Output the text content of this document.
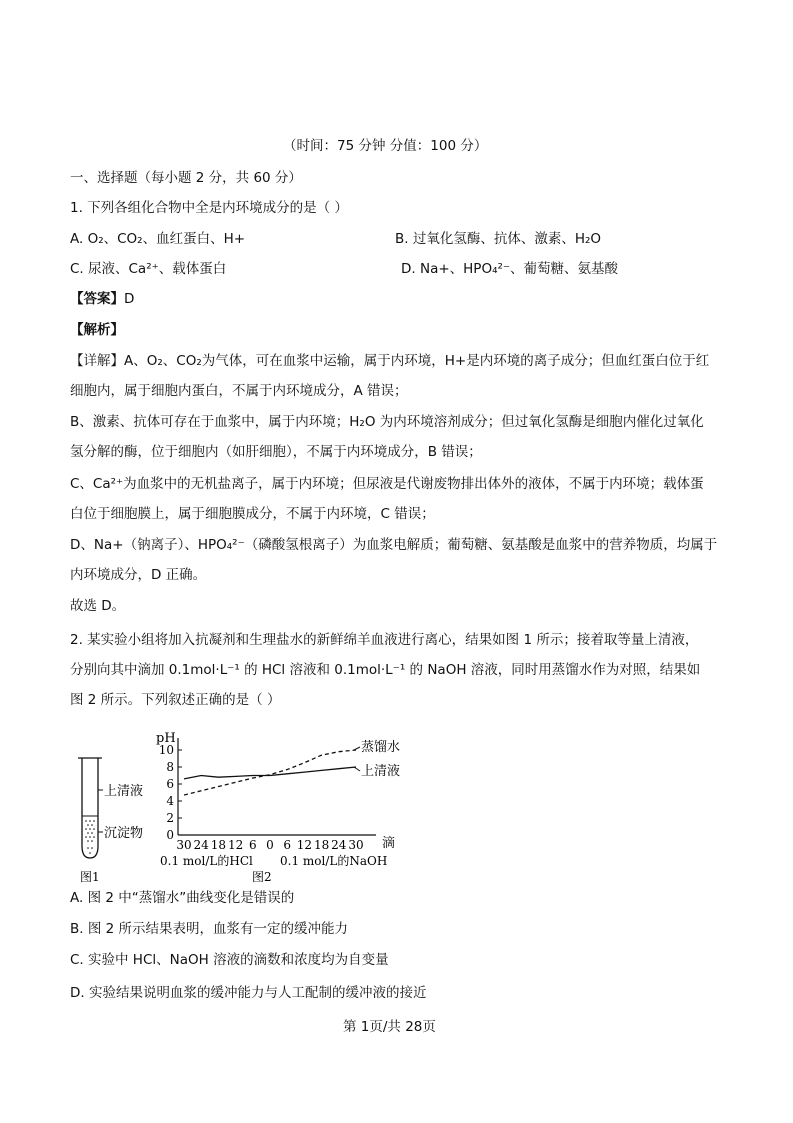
（时间：75 分钟 分值：100 分）
一、选择题（每小题 2 分，共 60 分）
1. 下列各组化合物中全是内环境成分的是（ ）
A. O₂、CO₂、血红蛋白、H+	B. 过氧化氢酶、抗体、激素、H₂O
C. 尿液、Ca²⁺、载体蛋白	D. Na+、HPO₄²⁻、葡萄糖、氨基酸
【答案】D
【解析】
【详解】A、O₂、CO₂为气体，可在血浆中运输，属于内环境，H+是内环境的离子成分；但血红蛋白位于红
细胞内，属于细胞内蛋白，不属于内环境成分，A 错误；
B、激素、抗体可存在于血浆中，属于内环境；H₂O 为内环境溶剂成分；但过氧化氢酶是细胞内催化过氧化
氢分解的酶，位于细胞内（如肝细胞），不属于内环境成分，B 错误；
C、Ca²⁺为血浆中的无机盐离子，属于内环境；但尿液是代谢废物排出体外的液体，不属于内环境；载体蛋
白位于细胞膜上，属于细胞膜成分，不属于内环境，C 错误；
D、Na+（钠离子）、HPO₄²⁻（磷酸氢根离子）为血浆电解质；葡萄糖、氨基酸是血浆中的营养物质，均属于
内环境成分，D 正确。
故选 D。
2. 某实验小组将加入抗凝剂和生理盐水的新鲜绵羊血液进行离心，结果如图 1 所示；接着取等量上清液，
分别向其中滴加 0.1mol·L⁻¹ 的 HCl 溶液和 0.1mol·L⁻¹ 的 NaOH 溶液，同时用蒸馏水作为对照，结果如
图 2 所示。下列叙述正确的是（ ）
上清液
沉淀物
图1
pH
滴
0
2
4
6
8
10
30 24 18 12 6 0 6 12 18 24 30
蒸馏水
上清液
0.1 mol/L的HCl 0.1 mol/L的NaOH
图2
A. 图 2 中“蒸馏水”曲线变化是错误的
B. 图 2 所示结果表明，血浆有一定的缓冲能力
C. 实验中 HCl、NaOH 溶液的滴数和浓度均为自变量
D. 实验结果说明血浆的缓冲能力与人工配制的缓冲液的接近
第 1页/共 28页
